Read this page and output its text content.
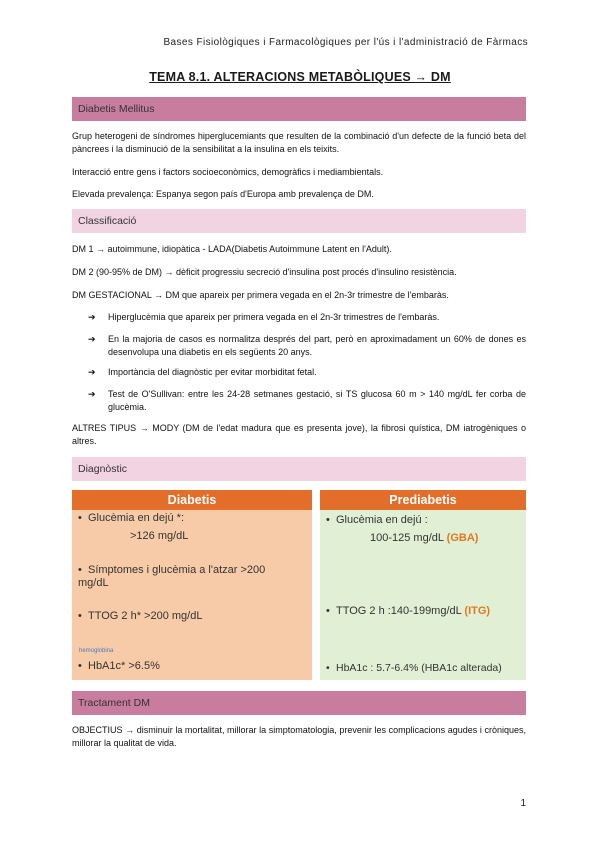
Bases Fisiològiques i Farmacològiques per l'ús i l'administració de Fàrmacs
TEMA 8.1. ALTERACIONS METABÒLIQUES → DM
Diabetis Mellitus
Grup heterogeni de síndromes hiperglucemiants que resulten de la combinació d'un defecte de la funció beta del pàncrees i la disminució de la sensibilitat a la insulina en els teixits.
Interacció entre gens i factors socioeconòmics, demogràfics i mediambientals.
Elevada prevalença: Espanya segon país d'Europa amb prevalença de DM.
Classificació
DM 1 → autoimmune, idiopàtica - LADA(Diabetis Autoimmune Latent en l'Adult).
DM 2 (90-95% de DM) → dèficit progressiu secreció d'insulina post procés d'insulino resistència.
DM GESTACIONAL → DM que apareix per primera vegada en el 2n-3r trimestre de l'embaràs.
➔	Hiperglucèmia que apareix per primera vegada en el 2n-3r trimestres de l'embaràs.
➔	En la majoria de casos es normalitza després del part, però en aproximadament un 60% de dones es desenvolupa una diabetis en els següents 20 anys.
➔	Importància del diagnòstic per evitar morbiditat fetal.
➔	Test de O'Sullivan: entre les 24-28 setmanes gestació, si TS glucosa 60 m > 140 mg/dL fer corba de glucèmia.
ALTRES TIPUS → MODY (DM de l'edat madura que es presenta jove), la fibrosi quística, DM iatrogèniques o altres.
Diagnòstic
Diabetis
• Glucèmia en dejú *:
>126 mg/dL
• Símptomes i glucèmia a l'atzar >200 mg/dL
• TTOG 2 h* >200 mg/dL
hemoglobina
• HbA1c* >6.5%
Prediabetis
• Glucèmia en dejú :
100-125 mg/dL (GBA)
• TTOG 2 h :140-199mg/dL (ITG)
• HbA1c : 5.7-6.4% (HBA1c alterada)
Tractament DM
OBJECTIUS → disminuir la mortalitat, millorar la simptomatologia, prevenir les complicacions agudes i cròniques, millorar la qualitat de vida.
1
